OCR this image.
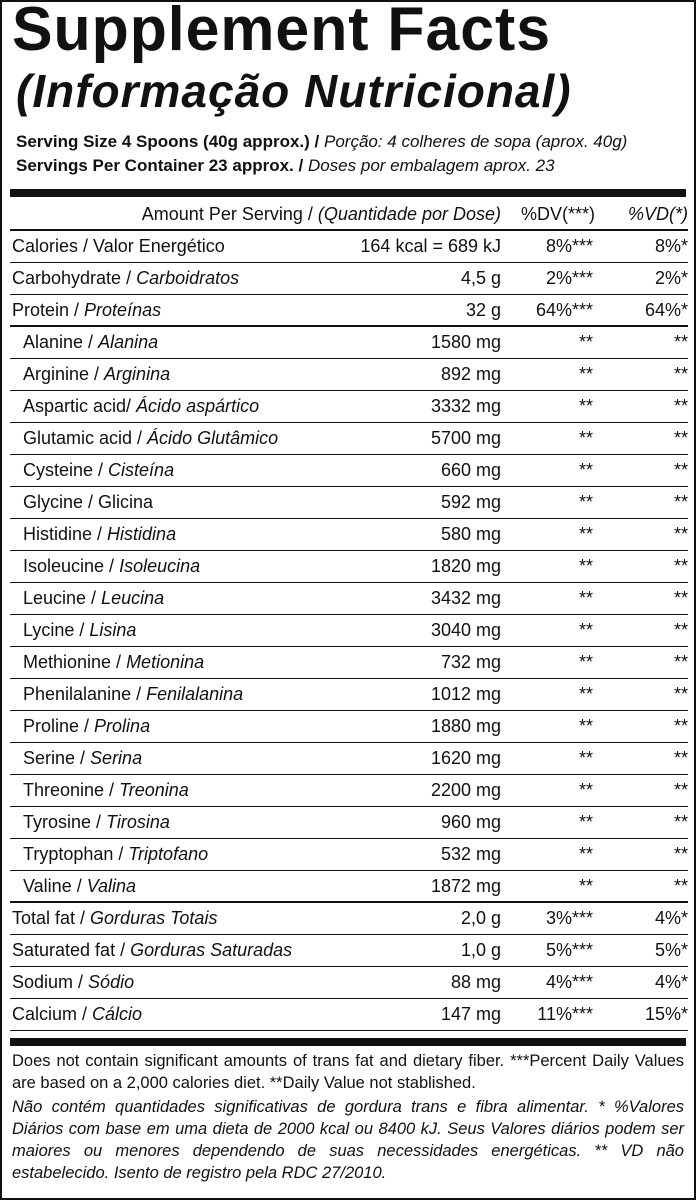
Supplement Facts
(Informação Nutricional)
Serving Size 4 Spoons (40g approx.) / Porção: 4 colheres de sopa (aprox. 40g)
Servings Per Container 23 approx. / Doses por embalagem aprox. 23
Amount Per Serving /
(Quantidade por Dose)	%DV(***)	%VD(*)
Calories / Valor Energético	164 kcal = 689 kJ	8%***	8%*
Carbohydrate / Carboidratos	4,5 g	2%***	2%*
Protein / Proteínas	32 g	64%***	64%*
Alanine / Alanina	1580 mg	**	**
Arginine / Arginina	892 mg	**	**
Aspartic acid/ Ácido aspártico	3332 mg	**	**
Glutamic acid / Ácido Glutâmico	5700 mg	**	**
Cysteine / Cisteína	660 mg	**	**
Glycine / Glicina	592 mg	**	**
Histidine / Histidina	580 mg	**	**
Isoleucine / Isoleucina	1820 mg	**	**
Leucine / Leucina	3432 mg	**	**
Lycine / Lisina	3040 mg	**	**
Methionine / Metionina	732 mg	**	**
Phenilalanine / Fenilalanina	1012 mg	**	**
Proline / Prolina	1880 mg	**	**
Serine / Serina	1620 mg	**	**
Threonine / Treonina	2200 mg	**	**
Tyrosine / Tirosina	960 mg	**	**
Tryptophan / Triptofano	532 mg	**	**
Valine / Valina	1872 mg	**	**
Total fat / Gorduras Totais	2,0 g	3%***	4%*
Saturated fat / Gorduras Saturadas	1,0 g	5%***	5%*
Sodium / Sódio	88 mg	4%***	4%*
Calcium / Cálcio	147 mg	11%***	15%*

Does not contain significant amounts of trans fat and dietary fiber. ***Percent Daily Values are based on a 2,000 calories diet. **Daily Value not stablished.

Não contém quantidades significativas de gordura trans e fibra alimentar. * %Valores Diários com base em uma dieta de 2000 kcal ou 8400 kJ. Seus Valores diários podem ser maiores ou menores dependendo de suas necessidades energéticas. ** VD não estabelecido. Isento de registro pela RDC 27/2010.
